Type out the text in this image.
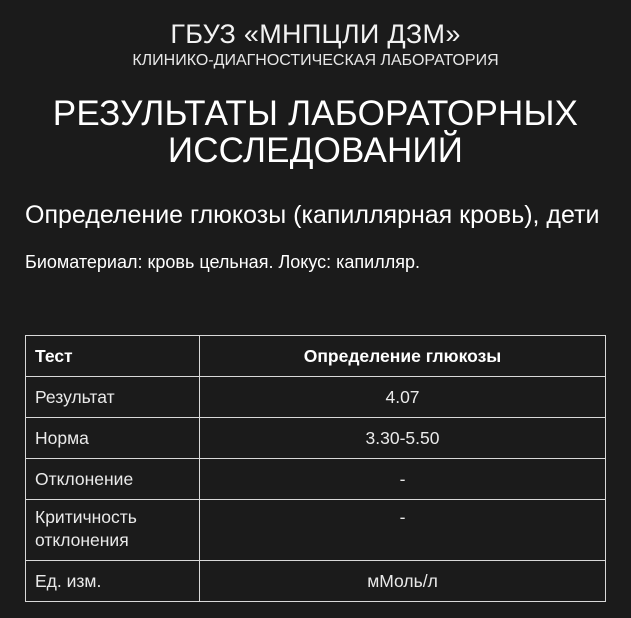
ГБУЗ «МНПЦЛИ ДЗМ»
КЛИНИКО-ДИАГНОСТИЧЕСКАЯ ЛАБОРАТОРИЯ
РЕЗУЛЬТАТЫ ЛАБОРАТОРНЫХ ИССЛЕДОВАНИЙ
Определение глюкозы (капиллярная кровь), дети
Биоматериал: кровь цельная. Локус: капилляр.
Тест	Определение глюкозы
Результат	4.07
Норма	3.30-5.50
Отклонение	-
Критичность отклонения	-
Ед. изм.	мМоль/л
